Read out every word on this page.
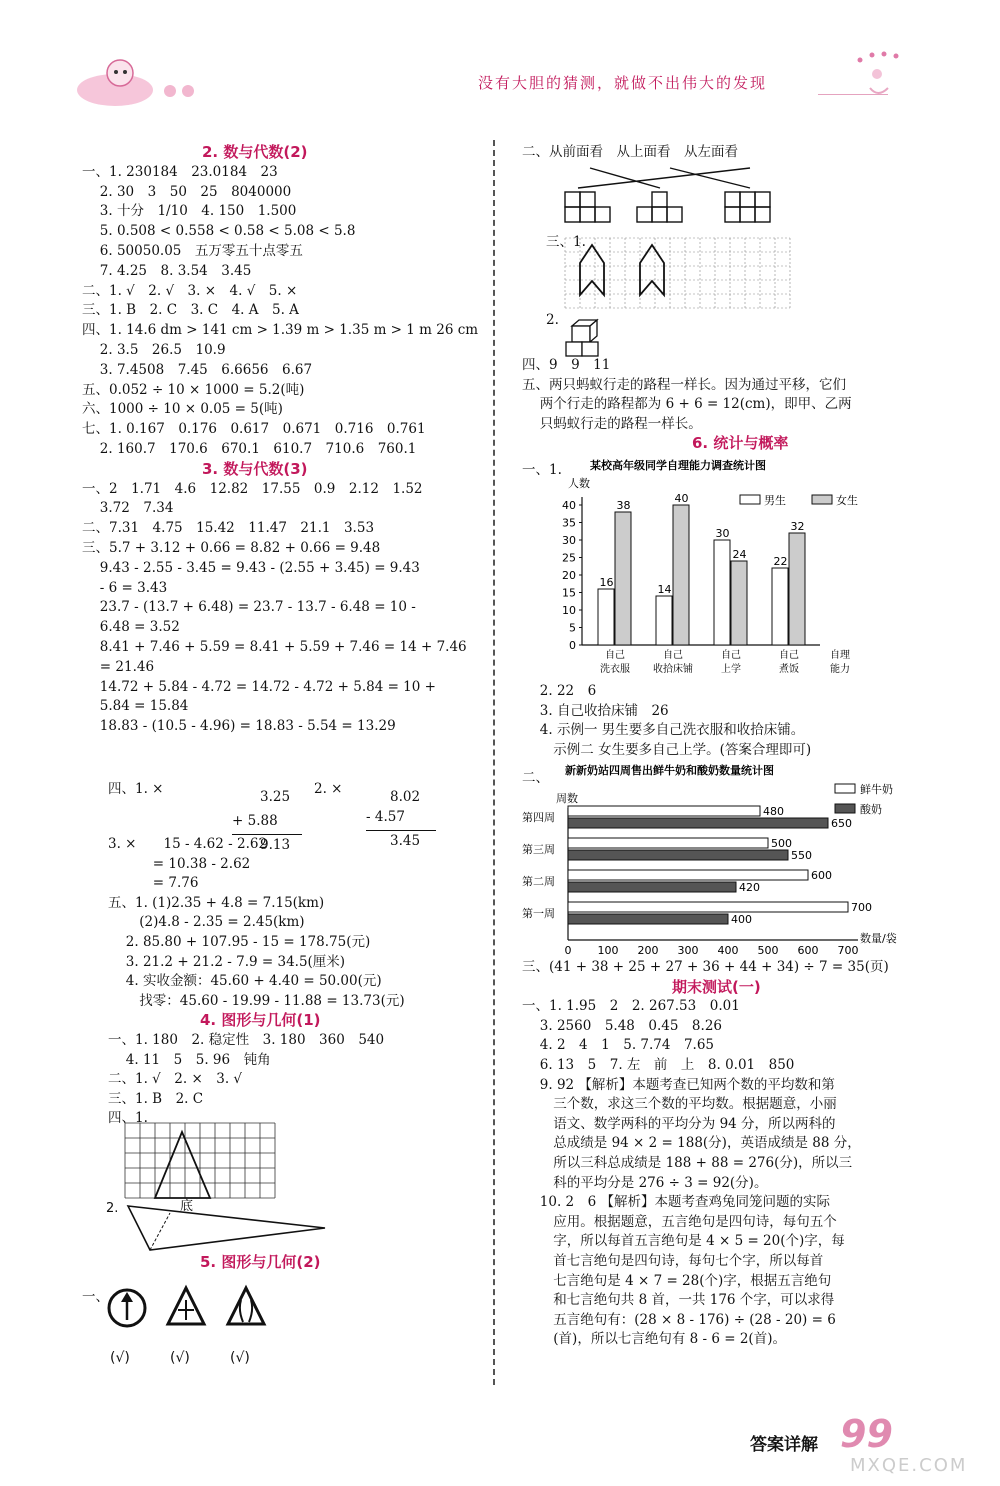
没有大胆的猜测，就做不出伟大的发现
2. 数与代数(2)
一、1. 230184　23.0184　23
　 2. 30　3　50　25　8040000
　 3. 十分　1/10　4. 150　1.500
　 5. 0.508 < 0.558 < 0.58 < 5.08 < 5.8
　 6. 50050.05　五万零五十点零五
　 7. 4.25　8. 3.54　3.45
二、1. √　2. √　3. ×　4. √　5. ×
三、1. B　2. C　3. C　4. A　5. A
四、1. 14.6 dm > 141 cm > 1.39 m > 1.35 m > 1 m 26 cm
　 2. 3.5　26.5　10.9
　 3. 7.4508　7.45　6.6656　6.67
五、0.052 ÷ 10 × 1000 = 5.2(吨)
六、1000 ÷ 10 × 0.05 = 5(吨)
七、1. 0.167　0.176　0.617　0.671　0.716　0.761
　 2. 160.7　170.6　670.1　610.7　710.6　760.1
3. 数与代数(3)
一、2　1.71　4.6　12.82　17.55　0.9　2.12　1.52
　 3.72　7.34
二、7.31　4.75　15.42　11.47　21.1　3.53
三、5.7 + 3.12 + 0.66 = 8.82 + 0.66 = 9.48
　 9.43 - 2.55 - 3.45 = 9.43 - (2.55 + 3.45) = 9.43
　 - 6 = 3.43
　 23.7 - (13.7 + 6.48) = 23.7 - 13.7 - 6.48 = 10 -
　 6.48 = 3.52
　 8.41 + 7.46 + 5.59 = 8.41 + 5.59 + 7.46 = 14 + 7.46
　 = 21.46
　 14.72 + 5.84 - 4.72 = 14.72 - 4.72 + 5.84 = 10 +
　 5.84 = 15.84
　 18.83 - (10.5 - 4.96) = 18.83 - 5.54 = 13.29
四、1. ×	3.25
+ 5.88
9.13
2. ×	8.02
- 4.57
3.45
3. ×　　15 - 4.62 - 2.62
　　　 = 10.38 - 2.62
　　　 = 7.76
五、1. (1)2.35 + 4.8 = 7.15(km)
　　 (2)4.8 - 2.35 = 2.45(km)
　 2. 85.80 + 107.95 - 15 = 178.75(元)
　 3. 21.2 + 21.2 - 7.9 = 34.5(厘米)
　 4. 实收金额：45.60 + 4.40 = 50.00(元)
　　 找零：45.60 - 19.99 - 11.88 = 13.73(元)
4. 图形与几何(1)
一、1. 180　2. 稳定性　3. 180　360　540
　 4. 11　5　5. 96　钝角
二、1. √　2. ×　3. √
三、1. B　2. C
四、1.
2.	底
5. 图形与几何(2)
一、
(√)	(√)	(√)
二、从前面看　从上面看　从左面看
三、1.
2.
四、9　9　11
五、两只蚂蚁行走的路程一样长。因为通过平移，它们
　 两个行走的路程都为 6 + 6 = 12(cm)，即甲、乙两
　 只蚂蚁行走的路程一样长。
6. 统计与概率
一、1.	某校高年级同学自理能力调查统计图
人数
0
5
10
15
20
25
30
35
40
16
38
自己
洗衣服
14
40
自己
收拾床铺
30
24
自己
上学
22
32
自己
煮饭
自理
能力
男生	女生
　 2. 22　6
　 3. 自己收拾床铺　26
　 4. 示例一 男生要多自己洗衣服和收拾床铺。
　　 示例二 女生要多自己上学。(答案合理即可)
二、 新新奶站四周售出鲜牛奶和酸奶数量统计图
周数
0 100 200 300 400 500 600 700
数量/袋
第一周	700
400
第二周	600
420
第三周	500
550
第四周	480
650
鲜牛奶
酸奶
三、(41 + 38 + 25 + 27 + 36 + 44 + 34) ÷ 7 = 35(页)
期末测试(一)
一、1. 1.95　2　2. 267.53　0.01
　 3. 2560　5.48　0.45　8.26
　 4. 2　4　1　5. 7.74　7.65
　 6. 13　5　7. 左　前　上　8. 0.01　850
　 9. 92 【解析】本题考查已知两个数的平均数和第
　　 三个数，求这三个数的平均数。根据题意，小丽
　　 语文、数学两科的平均分为 94 分，所以两科的
　　 总成绩是 94 × 2 = 188(分)，英语成绩是 88 分，
　　 所以三科总成绩是 188 + 88 = 276(分)，所以三
　　 科的平均分是 276 ÷ 3 = 92(分)。
　 10. 2　6 【解析】本题考查鸡兔同笼问题的实际
　　 应用。根据题意，五言绝句是四句诗，每句五个
　　 字，所以每首五言绝句是 4 × 5 = 20(个)字，每
　　 首七言绝句是四句诗，每句七个字，所以每首
　　 七言绝句是 4 × 7 = 28(个)字，根据五言绝句
　　 和七言绝句共 8 首，一共 176 个字，可以求得
　　 五言绝句有：(28 × 8 - 176) ÷ (28 - 20) = 6
　　 (首)，所以七言绝句有 8 - 6 = 2(首)。
答案详解 99
MXQE.COM
